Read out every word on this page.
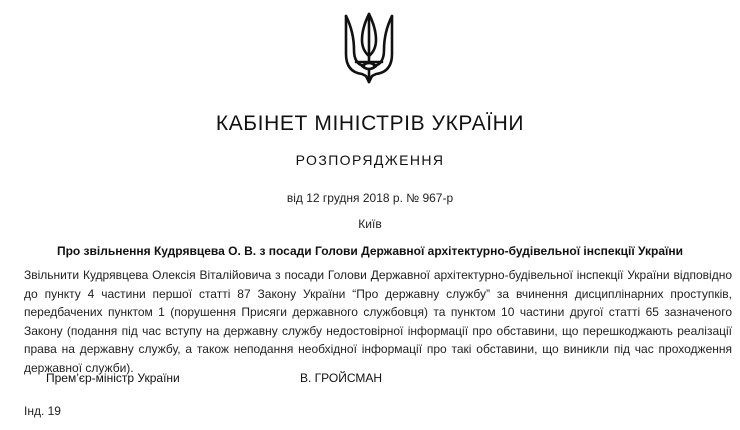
КАБІНЕТ МІНІСТРІВ УКРАЇНИ
РОЗПОРЯДЖЕННЯ
від 12 грудня 2018 р. № 967-р
Київ
Про звільнення Кудрявцева О. В. з посади Голови Державної архітектурно-будівельної інспекції України

Звільнити Кудрявцева Олексія Віталійовича з посади Голови Державної архітектурно-будівельної інспекції України відповідно до пункту 4 частини першої статті 87 Закону України “Про державну службу” за вчинення дисциплінарних проступків, передбачених пунктом 1 (порушення Присяги державного службовця) та пунктом 10 частини другої статті 65 зазначеного Закону (подання під час вступу на державну службу недостовірної інформації про обставини, що перешкоджають реалізації права на державну службу, а також неподання необхідної інформації про такі обставини, що виникли під час проходження державної служби).

Прем’єр-міністр України	В. ГРОЙСМАН
Інд. 19
